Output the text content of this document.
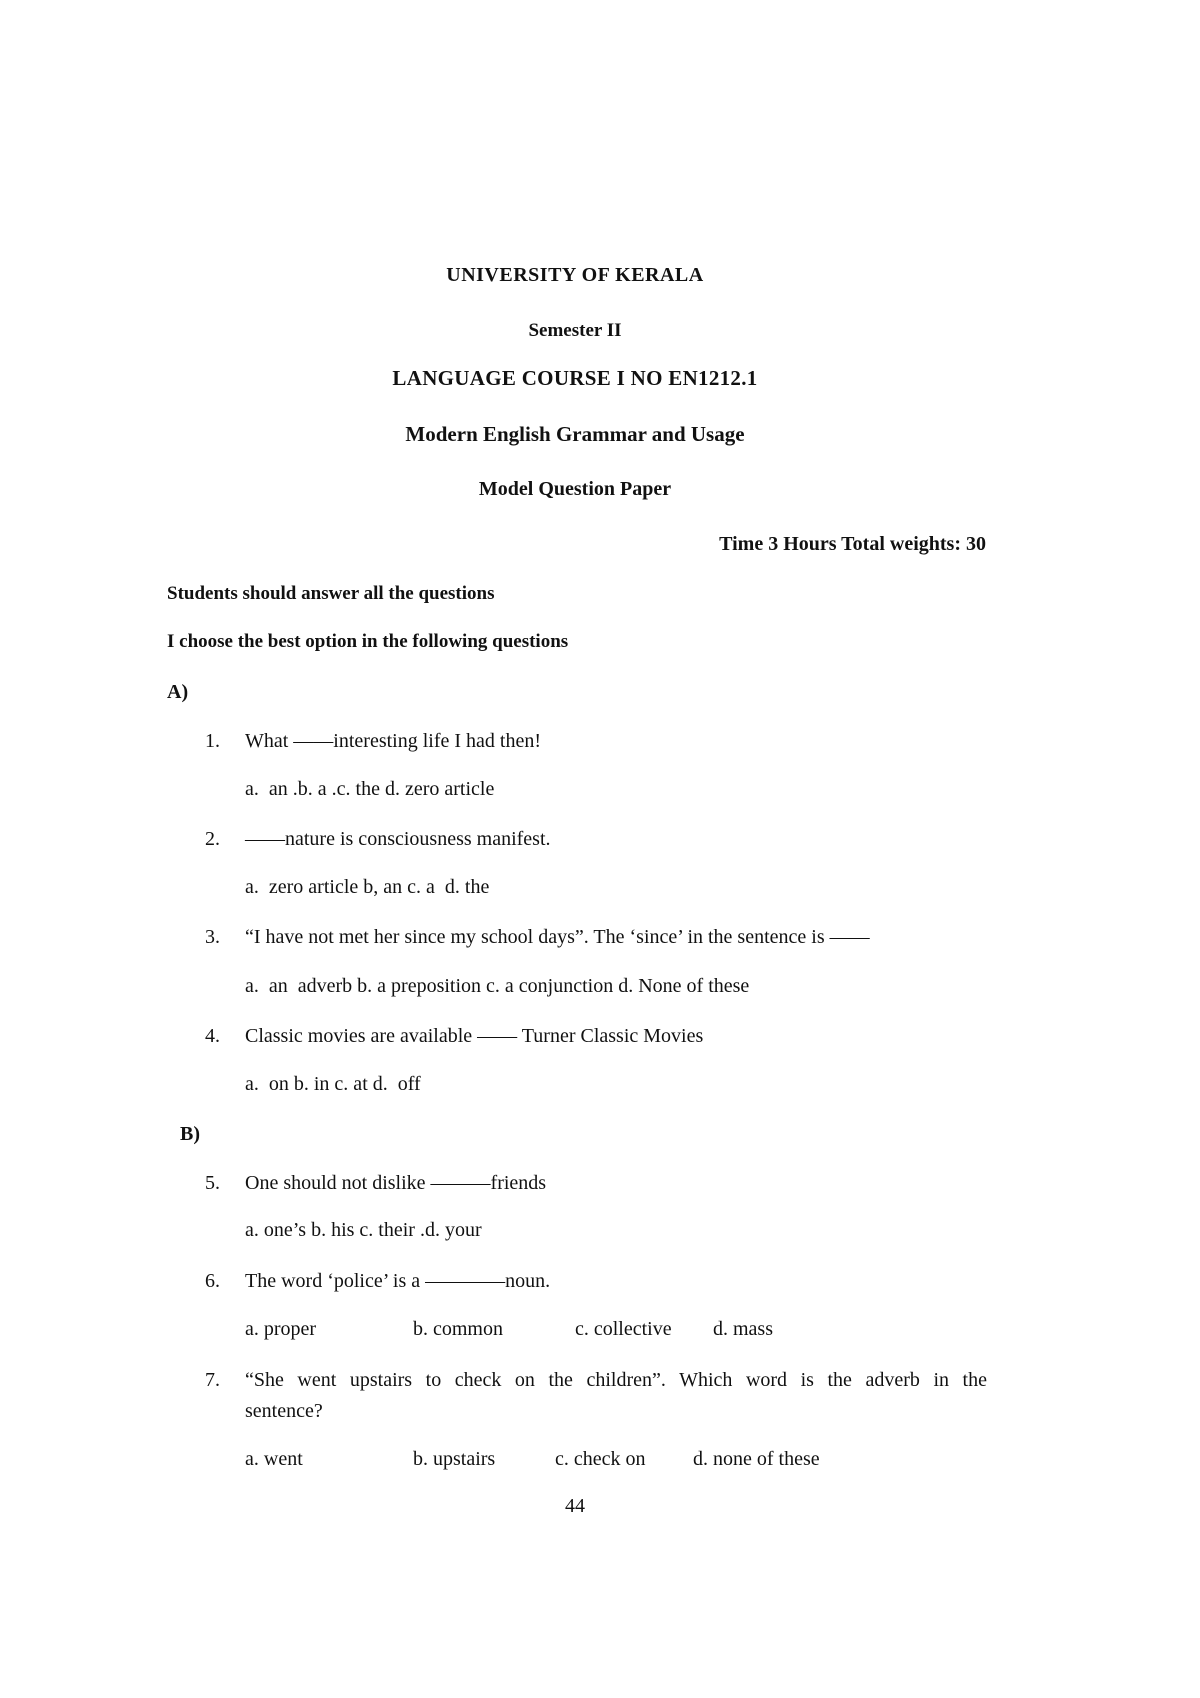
UNIVERSITY OF KERALA
Semester II
LANGUAGE COURSE I NO EN1212.1
Modern English Grammar and Usage
Model Question Paper
Time 3 Hours Total weights: 30
Students should answer all the questions
I choose the best option in the following questions
A)
1. What ——interesting life I had then!
a.  an .b. a .c. the d. zero article
2. ——nature is consciousness manifest.
a.  zero article b, an c. a  d. the
3. “I have not met her since my school days”. The ‘since’ in the sentence is ——
a.  an  adverb b. a preposition c. a conjunction d. None of these
4. Classic movies are available —— Turner Classic Movies
a.  on b. in c. at d.  off
B)
5. One should not dislike ———friends
a. one’s b. his c. their .d. your
6. The word ‘police’ is a ————noun.
a. proper	b. common	c. collective d. mass
7. “She went upstairs to check on the children”. Which word is the adverb in the
sentence?
a. went	b. upstairs	c. check on d. none of these
44
